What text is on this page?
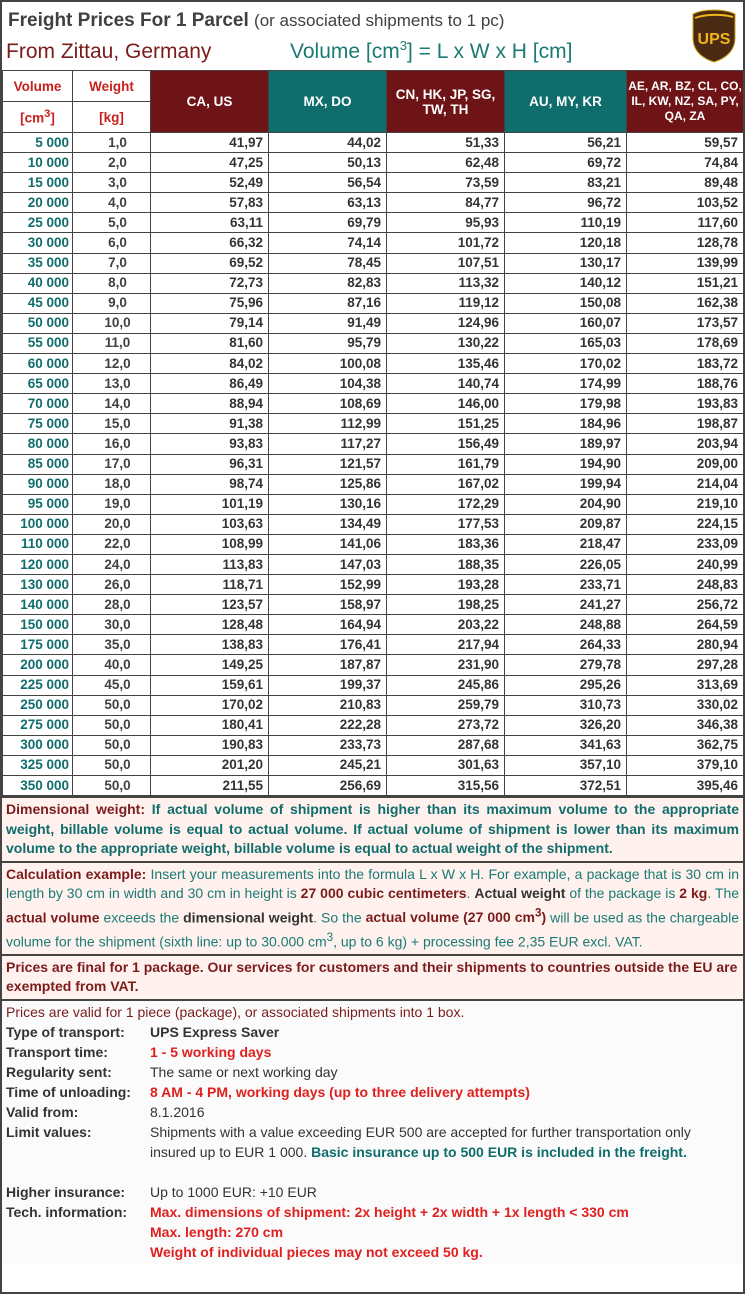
Freight Prices For 1 Parcel (or associated shipments to 1 pc)
From Zittau, Germany	Volume $[cm^3] = L$ x W x H [cm]
UPS
Volume	Weight	CA, US	MX, DO	CN, HK, JP, SG, TW, TH	AU, MY, KR	AE, AR, BZ, CL, CO, IL, KW, NZ, SA, PY, QA, ZA
$[cm^3]$	[kg]					
5 000	1,0	41,97	44,02	51,33	56,21	59,57
10 000	2,0	47,25	50,13	62,48	69,72	74,84
15 000	3,0	52,49	56,54	73,59	83,21	89,48
20 000	4,0	57,83	63,13	84,77	96,72	103,52
25 000	5,0	63,11	69,79	95,93	110,19	117,60
30 000	6,0	66,32	74,14	101,72	120,18	128,78
35 000	7,0	69,52	78,45	107,51	130,17	139,99
40 000	8,0	72,73	82,83	113,32	140,12	151,21
45 000	9,0	75,96	87,16	119,12	150,08	162,38
50 000	10,0	79,14	91,49	124,96	160,07	173,57
55 000	11,0	81,60	95,79	130,22	165,03	178,69
60 000	12,0	84,02	100,08	135,46	170,02	183,72
65 000	13,0	86,49	104,38	140,74	174,99	188,76
70 000	14,0	88,94	108,69	146,00	179,98	193,83
75 000	15,0	91,38	112,99	151,25	184,96	198,87
80 000	16,0	93,83	117,27	156,49	189,97	203,94
85 000	17,0	96,31	121,57	161,79	194,90	209,00
90 000	18,0	98,74	125,86	167,02	199,94	214,04
95 000	19,0	101,19	130,16	172,29	204,90	219,10
100 000	20,0	103,63	134,49	177,53	209,87	224,15
110 000	22,0	108,99	141,06	183,36	218,47	233,09
120 000	24,0	113,83	147,03	188,35	226,05	240,99
130 000	26,0	118,71	152,99	193,28	233,71	248,83
140 000	28,0	123,57	158,97	198,25	241,27	256,72
150 000	30,0	128,48	164,94	203,22	248,88	264,59
175 000	35,0	138,83	176,41	217,94	264,33	280,94
200 000	40,0	149,25	187,87	231,90	279,78	297,28
225 000	45,0	159,61	199,37	245,86	295,26	313,69
250 000	50,0	170,02	210,83	259,79	310,73	330,02
275 000	50,0	180,41	222,28	273,72	326,20	346,38
300 000	50,0	190,83	233,73	287,68	341,63	362,75
325 000	50,0	201,20	245,21	301,63	357,10	379,10
350 000	50,0	211,55	256,69	315,56	372,51	395,46
Dimensional weight: If actual volume of shipment is higher than its maximum volume to the appropriate weight, billable volume is equal to actual volume. If actual volume of shipment is lower than its maximum volume to the appropriate weight, billable volume is equal to actual weight of the shipment.
Calculation example: Insert your measurements into the formula L x W x H. For example, a package that is 30 cm in length by 30 cm in width and 30 cm in height is 27 000 cubic centimeters. Actual weight of the package is 2 kg. The actual volume exceeds the dimensional weight. So the actual volume (27 000 $cm^3$) will be used as the chargeable volume for the shipment (sixth line: up to 30.000 $cm^3$, up to 6 kg) + processing fee 2,35 EUR excl. VAT.
Prices are final for 1 package. Our services for customers and their shipments to countries outside the EU are exempted from VAT.
Prices are valid for 1 piece (package), or associated shipments into 1 box.
Type of transport:	UPS Express Saver
Transport time:	1 - 5 working days
Regularity sent:	The same or next working day
Time of unloading:	8 AM - 4 PM, working days (up to three delivery attempts)
Valid from:	8.1.2016
Limit values:	Shipments with a value exceeding EUR 500 are accepted for further transportation only insured up to EUR 1 000. Basic insurance up to 500 EUR is included in the freight.
Higher insurance:	Up to 1000 EUR: +10 EUR
Tech. information:	Max. dimensions of shipment: 2x height + 2x width + 1x length < 330 cm
Max. length: 270 cm
Weight of individual pieces may not exceed 50 kg.
